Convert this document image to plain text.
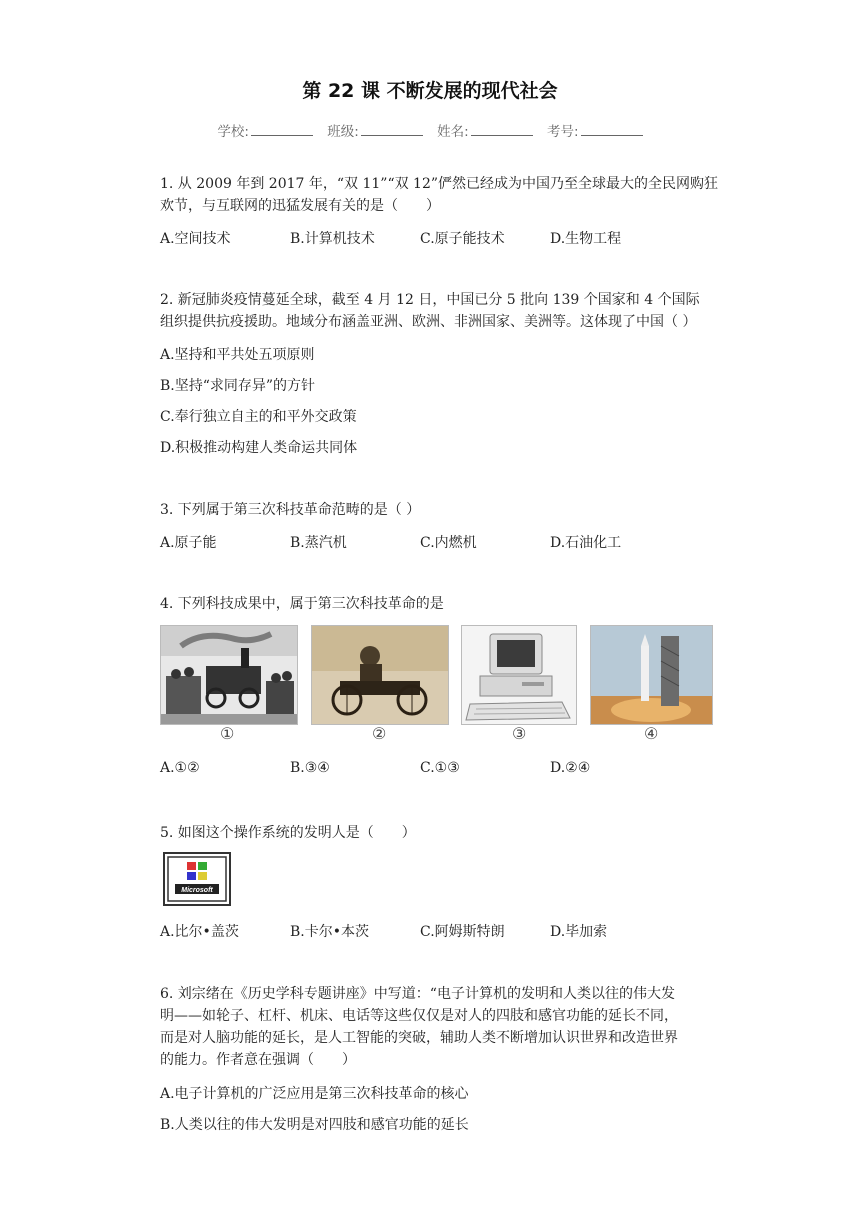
第 22 课 不断发展的现代社会
学校:	班级:	姓名:	考号:
1. 从 2009 年到 2017 年，“双 11”“双 12”俨然已经成为中国乃至全球最大的全民网购狂
欢节，与互联网的迅猛发展有关的是（　　）
A.空间技术	B.计算机技术	C.原子能技术	D.生物工程
2. 新冠肺炎疫情蔓延全球，截至 4 月 12 日，中国已分 5 批向 139 个国家和 4 个国际
组织提供抗疫援助。地域分布涵盖亚洲、欧洲、非洲国家、美洲等。这体现了中国（ ）
A.坚持和平共处五项原则
B.坚持“求同存异”的方针
C.奉行独立自主的和平外交政策
D.积极推动构建人类命运共同体
3. 下列属于第三次科技革命范畴的是（ ）
A.原子能	B.蒸汽机	C.内燃机	D.石油化工
4. 下列科技成果中，属于第三次科技革命的是
①	②	③	④
A.①②	B.③④	C.①③	D.②④
5. 如图这个操作系统的发明人是（　　）
Microsoft
A.比尔•盖茨	B.卡尔•本茨	C.阿姆斯特朗	D.毕加索
6. 刘宗绪在《历史学科专题讲座》中写道：“电子计算机的发明和人类以往的伟大发
明——如轮子、杠杆、机床、电话等这些仅仅是对人的四肢和感官功能的延长不同，
而是对人脑功能的延长，是人工智能的突破，辅助人类不断增加认识世界和改造世界
的能力。作者意在强调（　　）
A.电子计算机的广泛应用是第三次科技革命的核心
B.人类以往的伟大发明是对四肢和感官功能的延长
